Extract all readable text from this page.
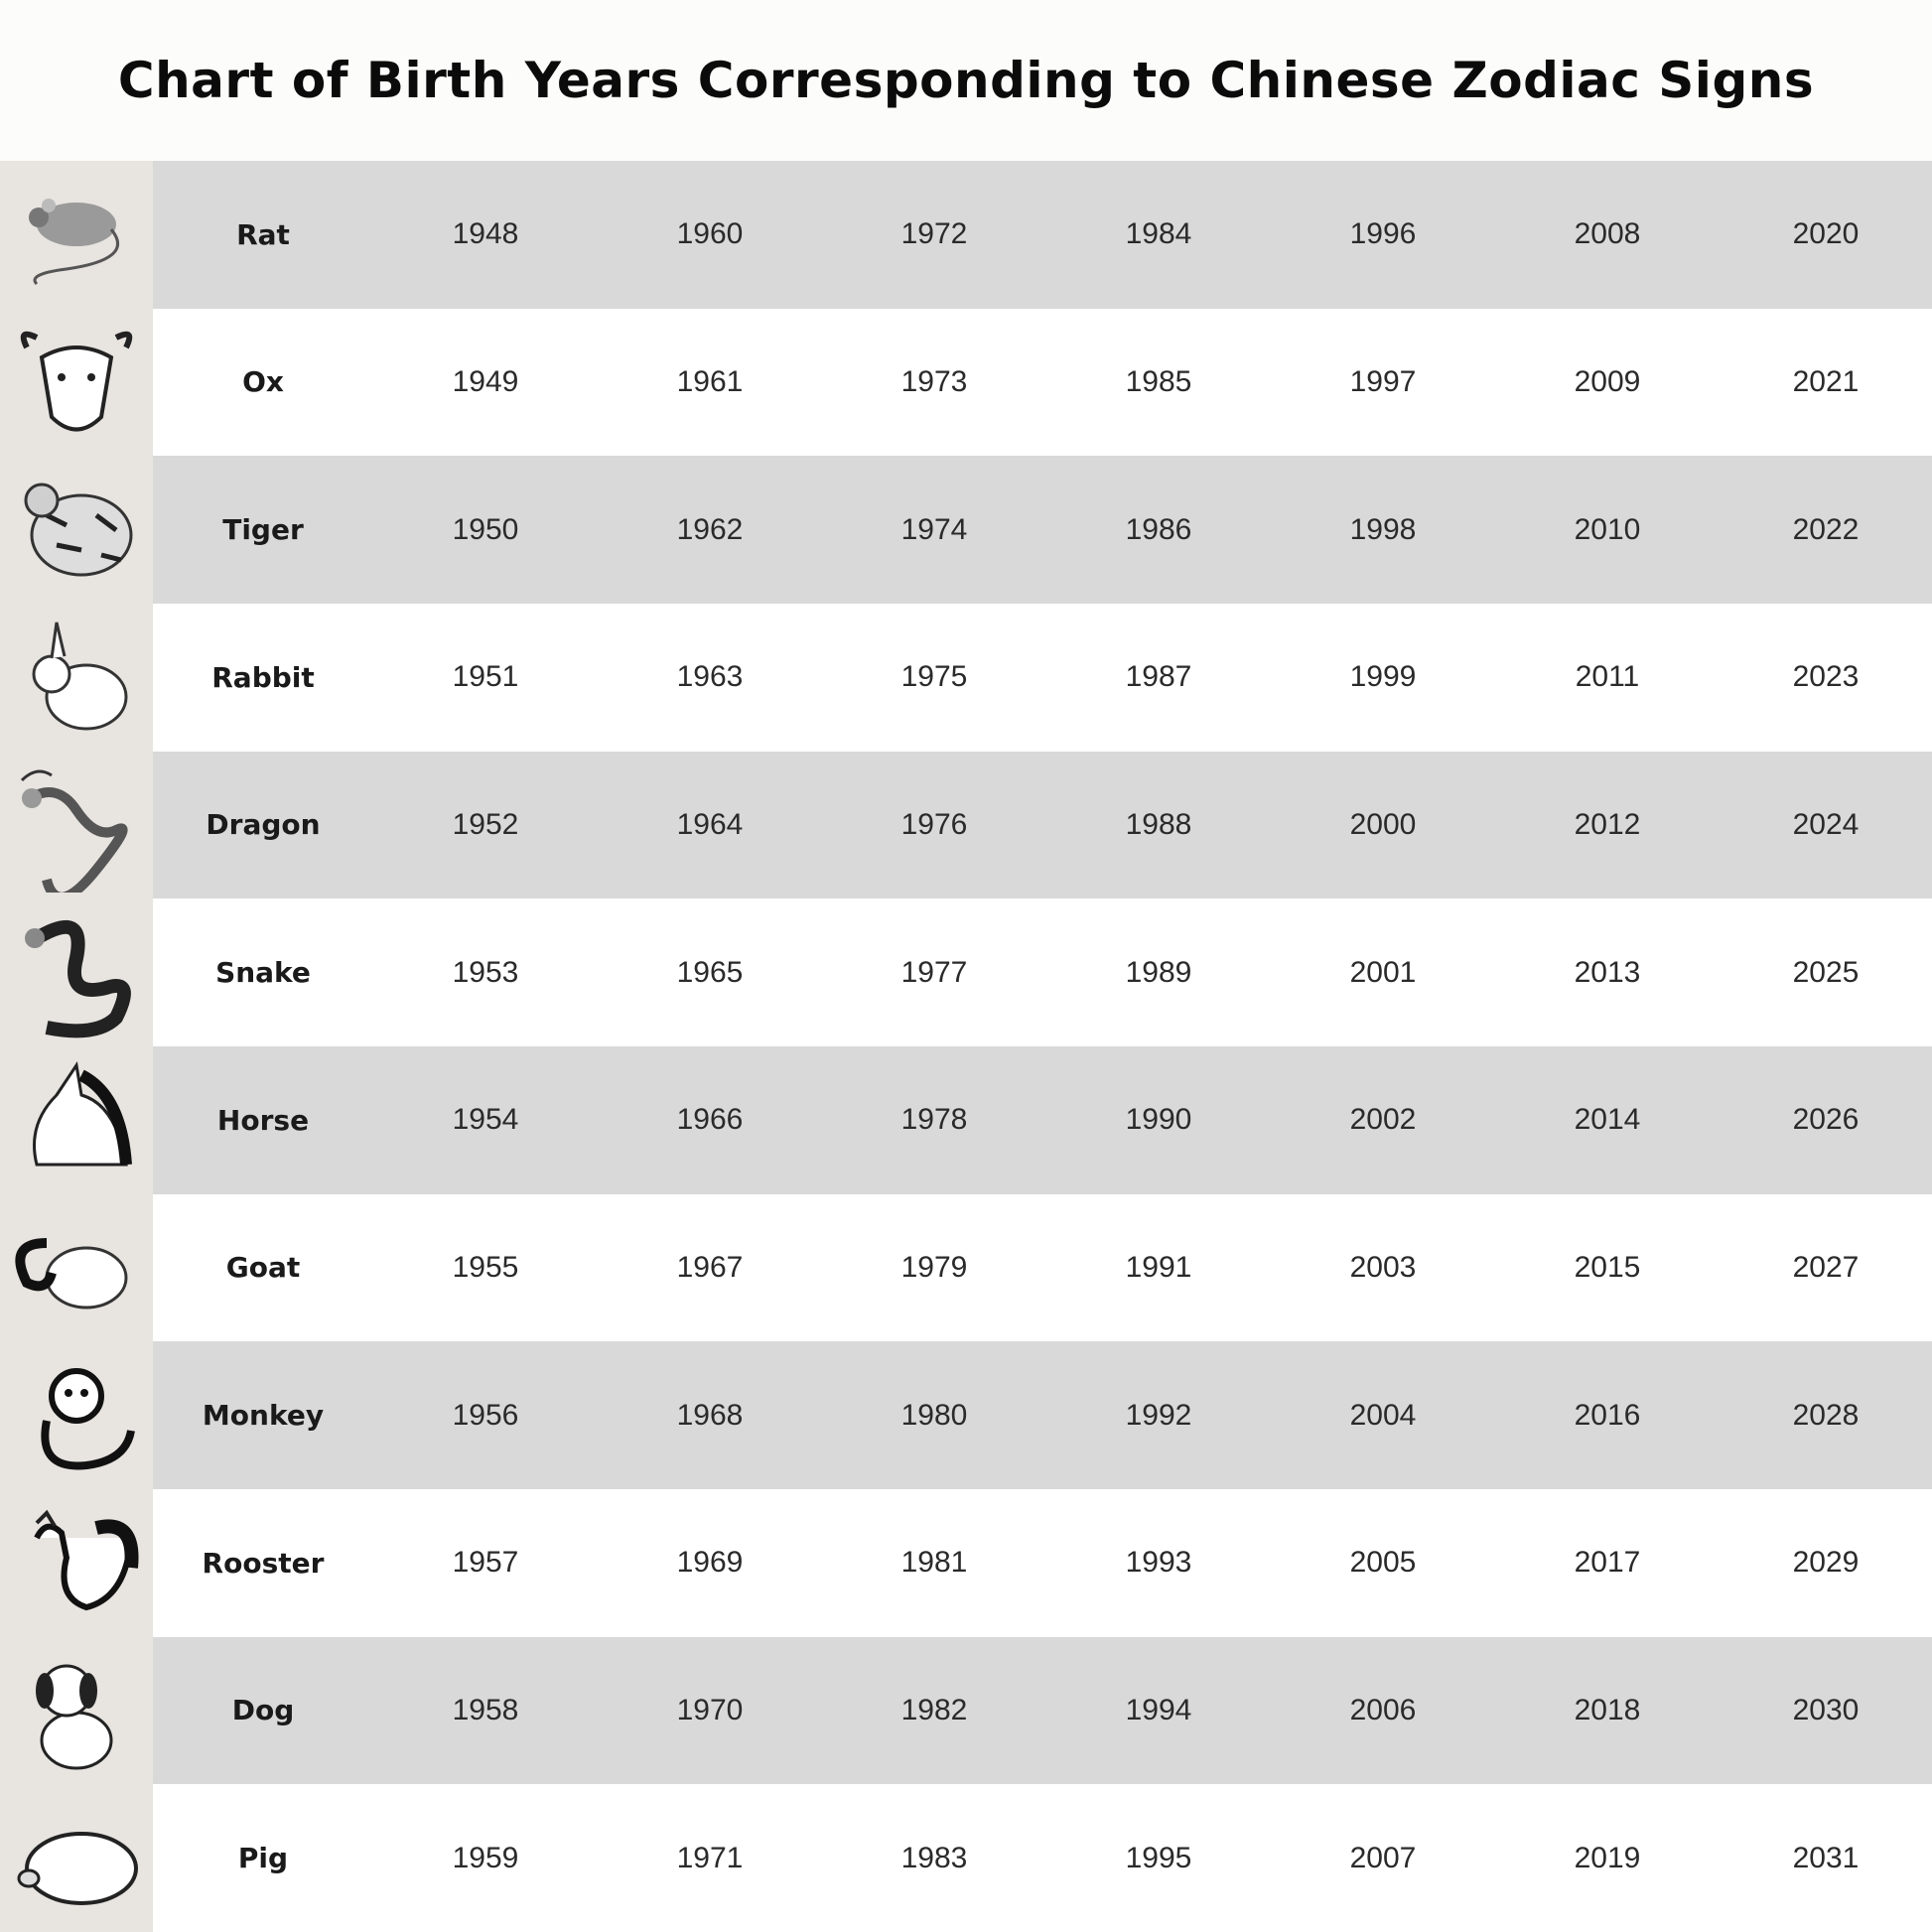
Chart of Birth Years Corresponding to Chinese Zodiac Signs
Rat	1948	1960	1972	1984	1996	2008	2020
Ox	1949	1961	1973	1985	1997	2009	2021
Tiger	1950	1962	1974	1986	1998	2010	2022
Rabbit	1951	1963	1975	1987	1999	2011	2023
Dragon	1952	1964	1976	1988	2000	2012	2024
Snake	1953	1965	1977	1989	2001	2013	2025
Horse	1954	1966	1978	1990	2002	2014	2026
Goat	1955	1967	1979	1991	2003	2015	2027
Monkey	1956	1968	1980	1992	2004	2016	2028
Rooster	1957	1969	1981	1993	2005	2017	2029
Dog	1958	1970	1982	1994	2006	2018	2030
Pig	1959	1971	1983	1995	2007	2019	2031
